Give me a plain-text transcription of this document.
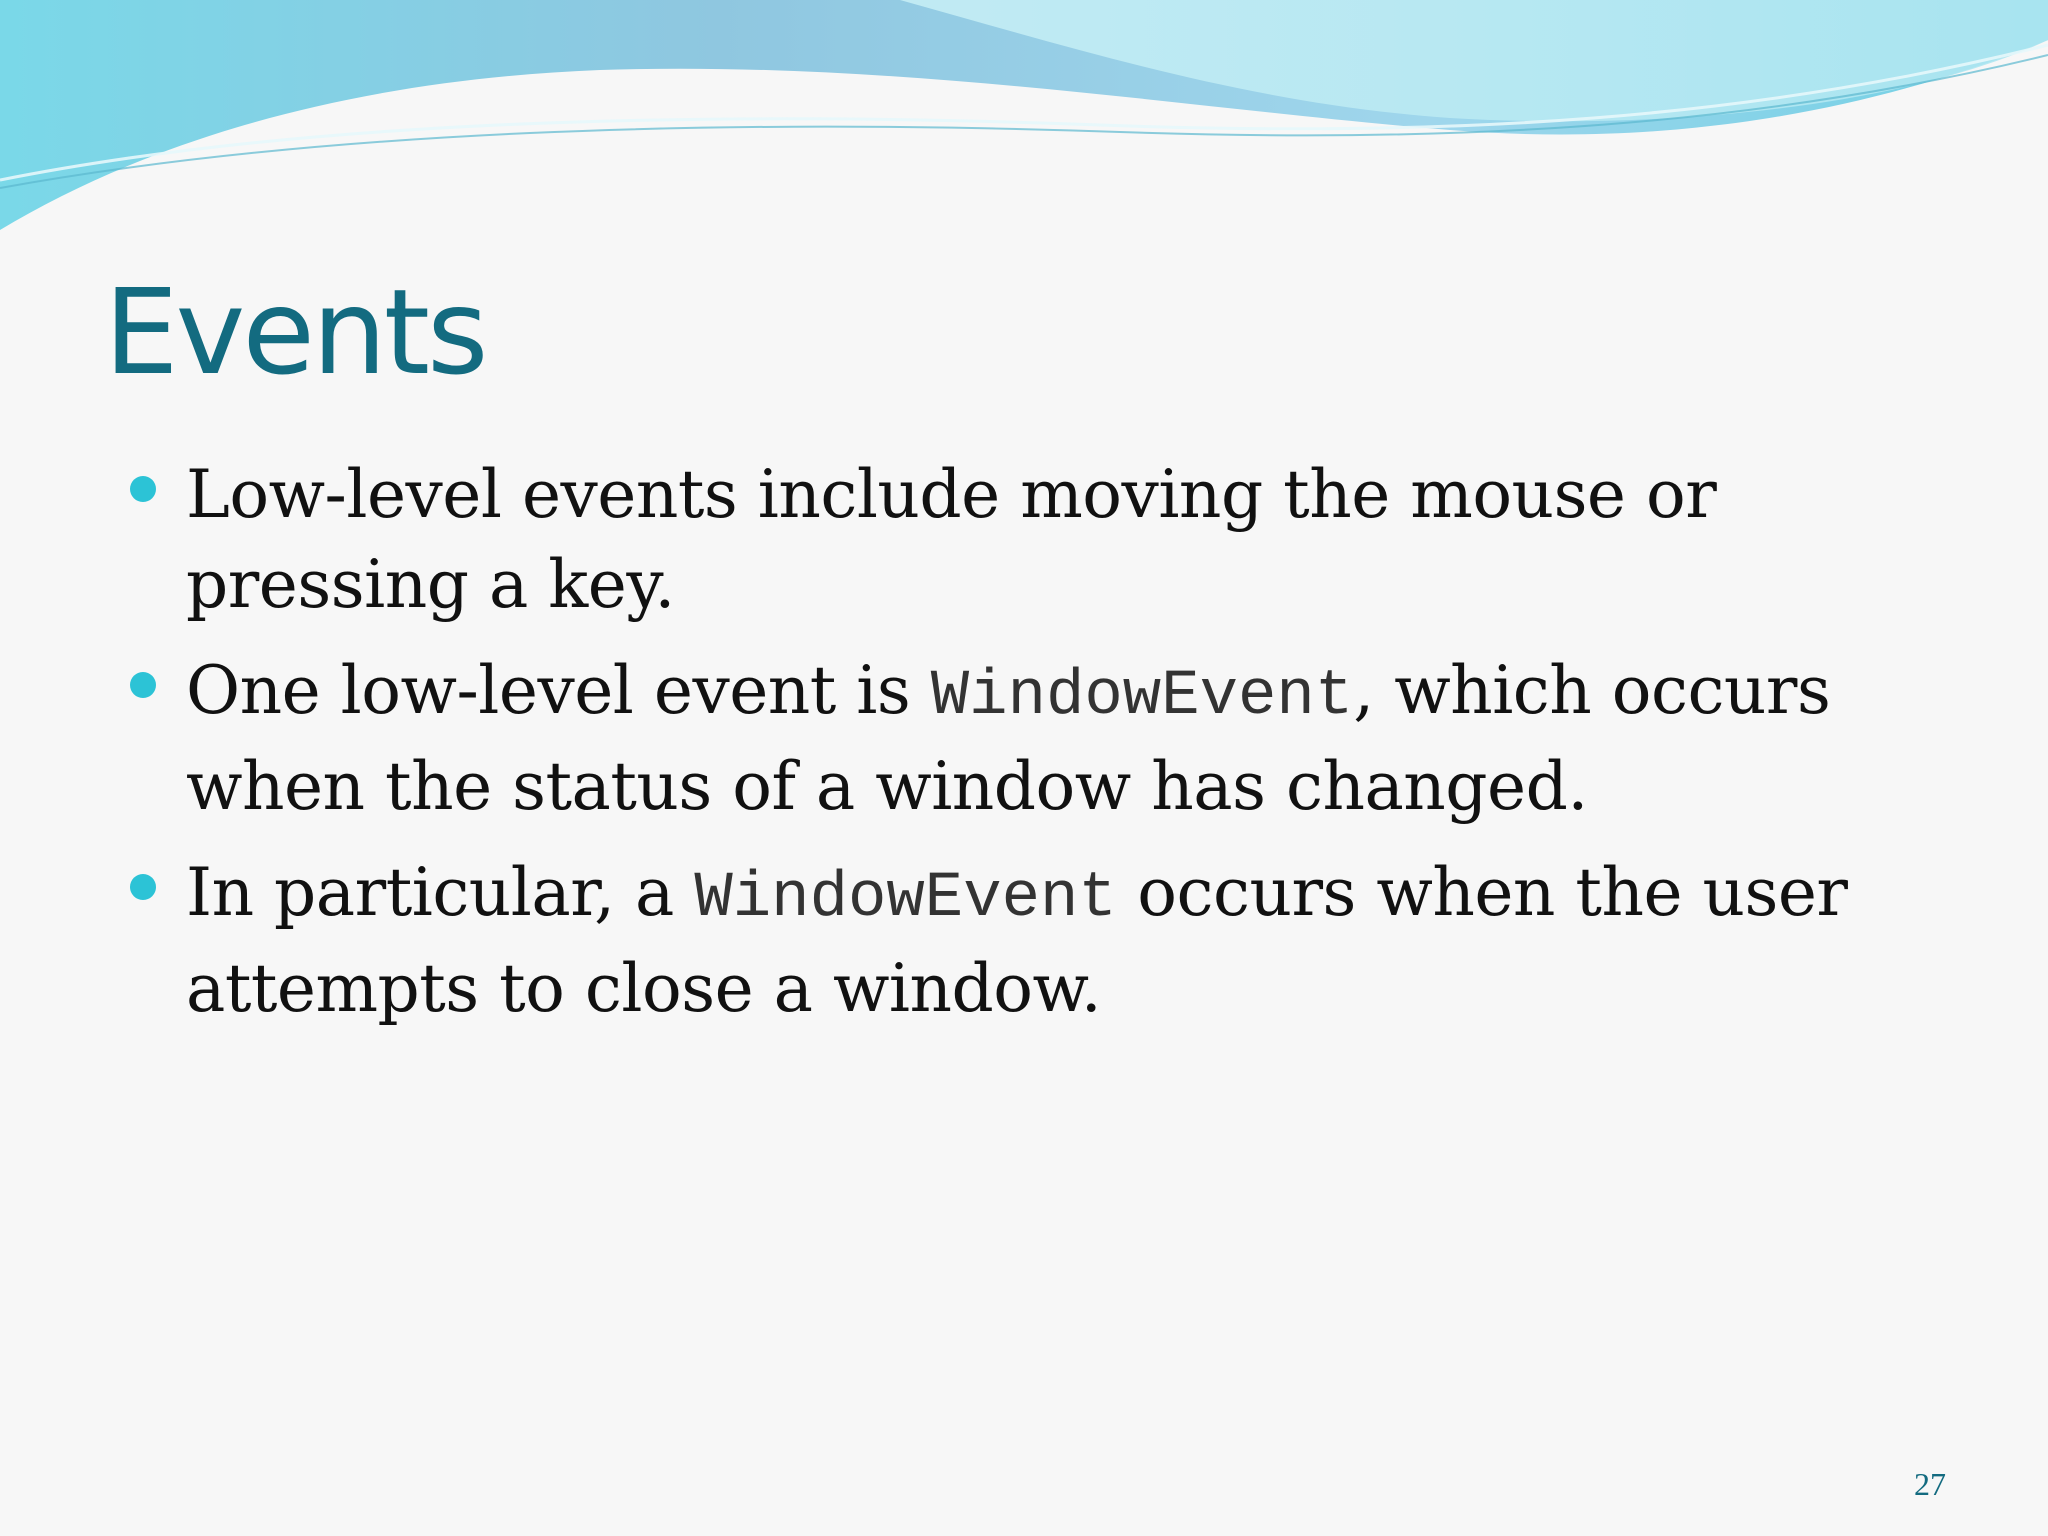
Events
Low-level events include moving the mouse or pressing a key.
One low-level event is WindowEvent, which occurs when the status of a window has changed.
In particular, a WindowEvent occurs when the user attempts to close a window.
27
